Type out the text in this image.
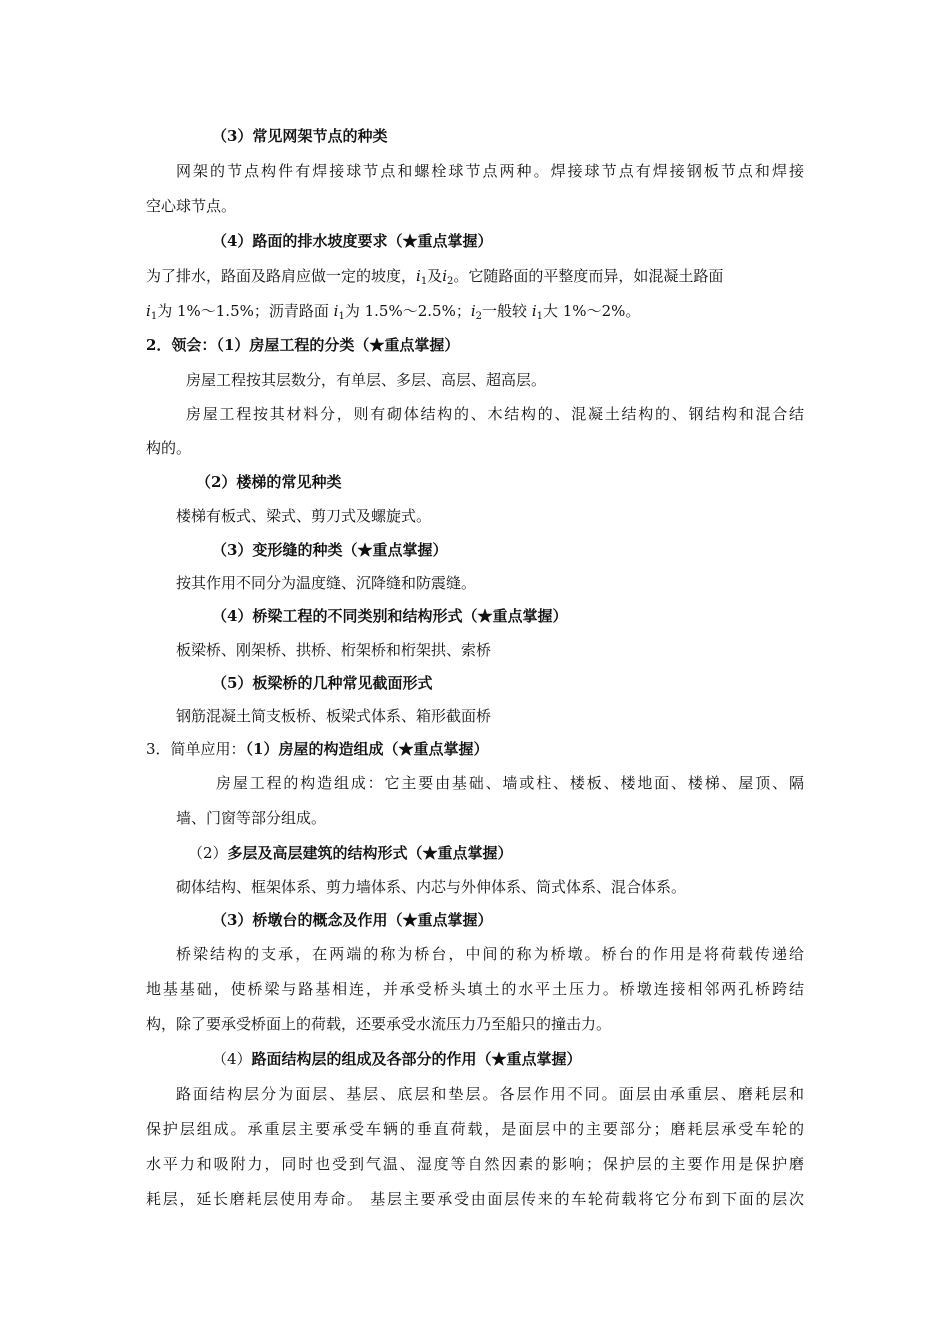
（3）常见网架节点的种类
网架的节点构件有焊接球节点和螺栓球节点两种。焊接球节点有焊接钢板节点和焊接
空心球节点。
（4）路面的排水坡度要求（★重点掌握）
为了排水，路面及路肩应做一定的坡度，$i_1$及$i_2$。它随路面的平整度而异，如混凝土路面
$i_1$为 1%～1.5%；沥青路面 $i_1$为 1.5%～2.5%；$i_2$一般较 $i_1$大 1%～2%。
2．领会：（1）房屋工程的分类（★重点掌握）
房屋工程按其层数分，有单层、多层、高层、超高层。
房屋工程按其材料分，则有砌体结构的、木结构的、混凝土结构的、钢结构和混合结
构的。
（2）楼梯的常见种类
楼梯有板式、梁式、剪刀式及螺旋式。
（3）变形缝的种类（★重点掌握）
按其作用不同分为温度缝、沉降缝和防震缝。
（4）桥梁工程的不同类别和结构形式（★重点掌握）
板梁桥、刚架桥、拱桥、桁架桥和桁架拱、索桥
（5）板梁桥的几种常见截面形式
钢筋混凝土简支板桥、板梁式体系、箱形截面桥
3．简单应用：（1）房屋的构造组成（★重点掌握）
房屋工程的构造组成：它主要由基础、墙或柱、楼板、楼地面、楼梯、屋顶、隔
墙、门窗等部分组成。
（2）多层及高层建筑的结构形式（★重点掌握）
砌体结构、框架体系、剪力墙体系、内芯与外伸体系、筒式体系、混合体系。
（3）桥墩台的概念及作用（★重点掌握）
桥梁结构的支承，在两端的称为桥台，中间的称为桥墩。桥台的作用是将荷载传递给
地基基础，使桥梁与路基相连，并承受桥头填土的水平土压力。桥墩连接相邻两孔桥跨结
构，除了要承受桥面上的荷载，还要承受水流压力乃至船只的撞击力。
（4）路面结构层的组成及各部分的作用（★重点掌握）
路面结构层分为面层、基层、底层和垫层。各层作用不同。面层由承重层、磨耗层和
保护层组成。承重层主要承受车辆的垂直荷载，是面层中的主要部分；磨耗层承受车轮的
水平力和吸附力，同时也受到气温、湿度等自然因素的影响；保护层的主要作用是保护磨
耗层，延长磨耗层使用寿命。 基层主要承受由面层传来的车轮荷载将它分布到下面的层次
